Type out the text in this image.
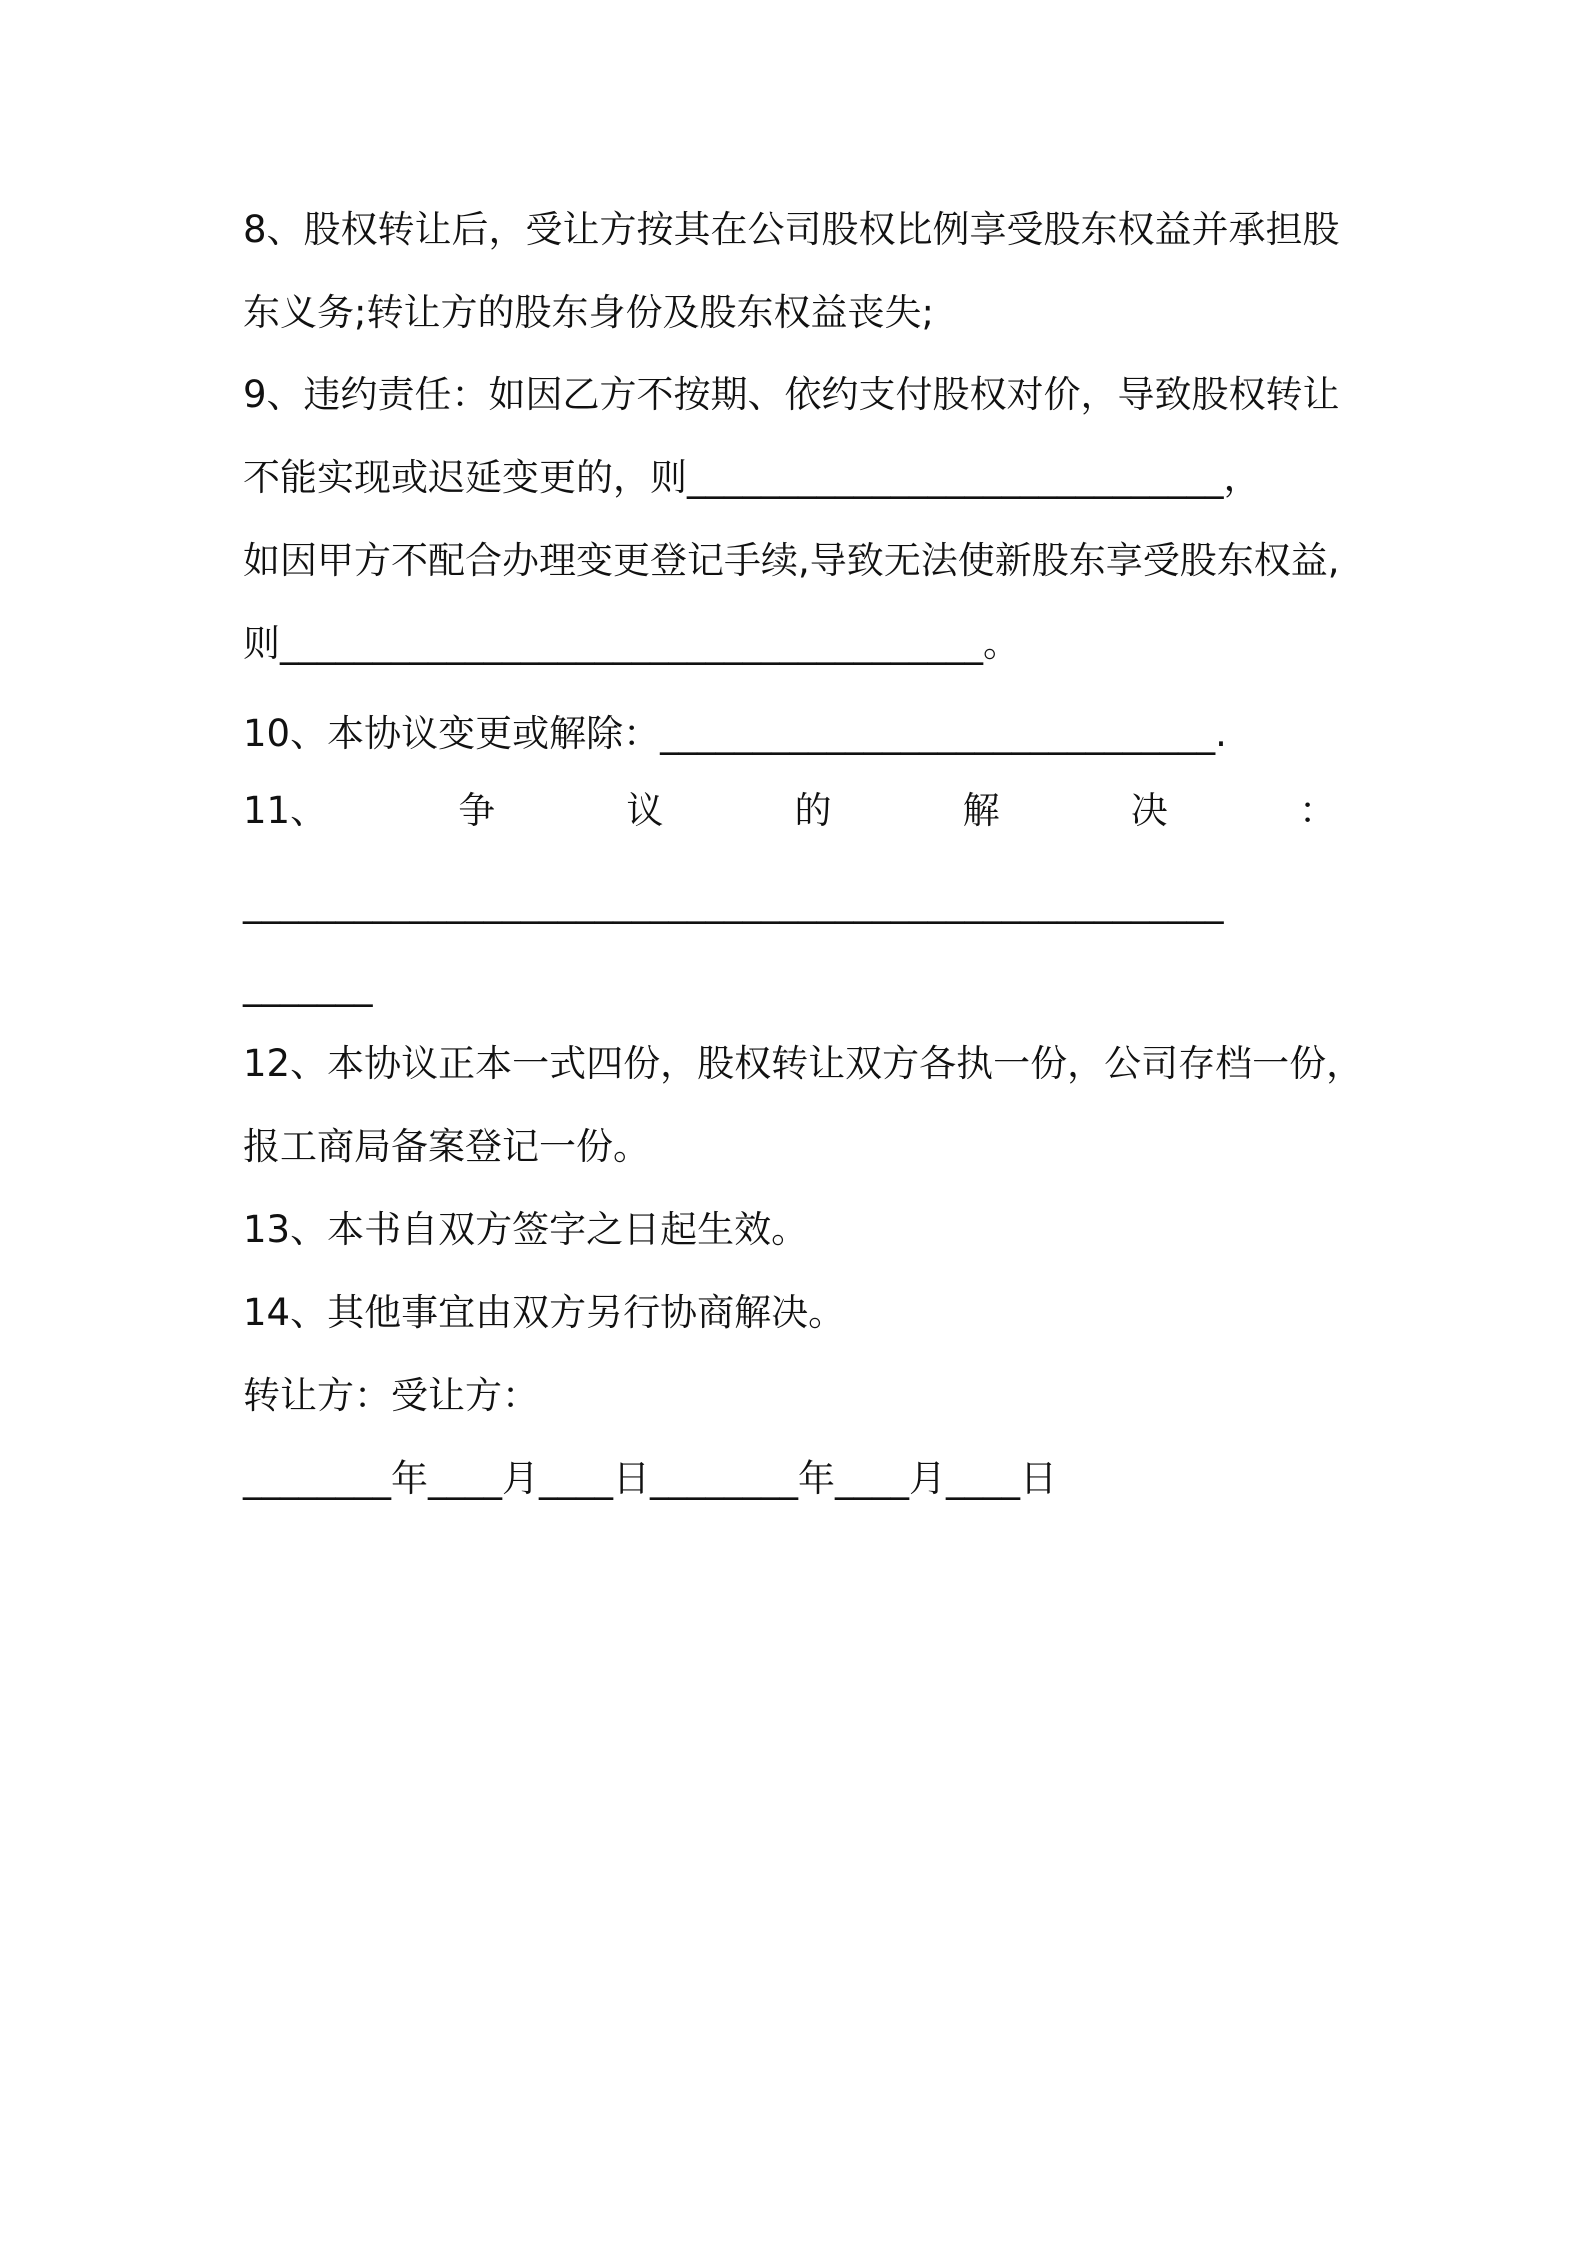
8、股权转让后，受让方按其在公司股权比例享受股东权益并承担股
东义务;转让方的股东身份及股东权益丧失;
9、违约责任：如因乙方不按期、依约支付股权对价，导致股权转让
不能实现或迟延变更的，则_____________________________，
如因甲方不配合办理变更登记手续,导致无法使新股东享受股东权益,
则______________________________________。
10、本协议变更或解除：______________________________.
11、	争	议	的	解	决	：
_____________________________________________________
_______
12、本协议正本一式四份，股权转让双方各执一份，公司存档一份，
报工商局备案登记一份。
13、本书自双方签字之日起生效。
14、其他事宜由双方另行协商解决。
转让方：受让方：
________年____月____日________年____月____日
